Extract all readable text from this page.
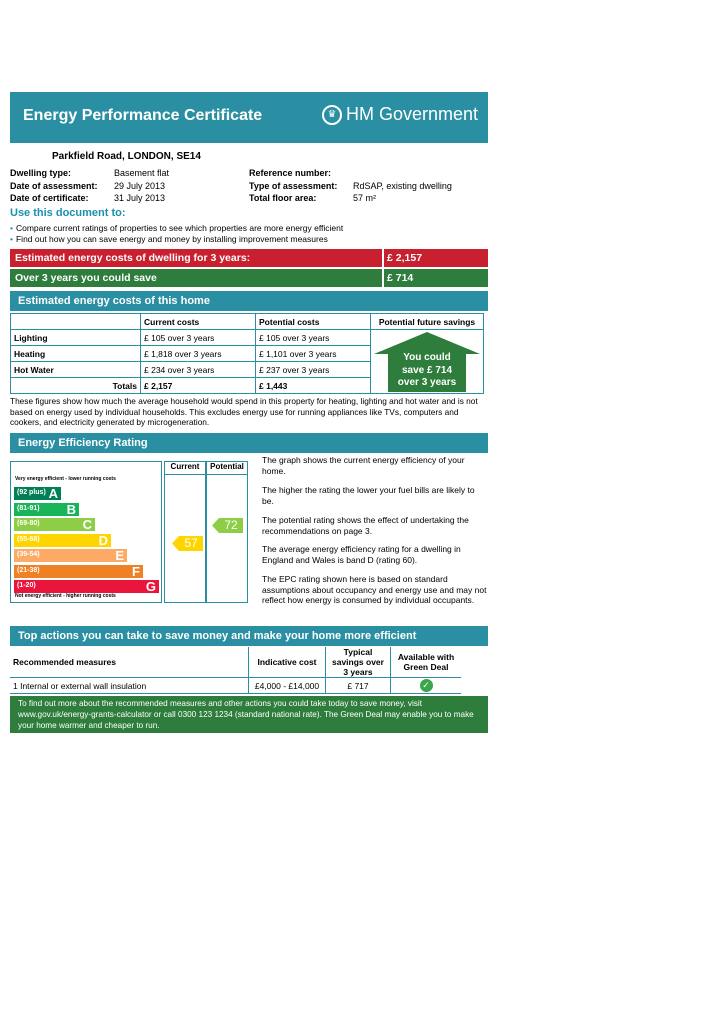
Energy Performance Certificate	♛ HM Government
Parkfield Road, LONDON, SE14
Dwelling type:	Basement flat
Date of assessment: 29 July 2013
Date of certificate:	31 July 2013
Reference number:
Type of assessment: RdSAP, existing dwelling
Total floor area:	57 m²
Use this document to:
• Compare current ratings of properties to see which properties are more energy efficient
• Find out how you can save energy and money by installing improvement measures
Estimated energy costs of dwelling for 3 years:	£ 2,157
Over 3 years you could save	£ 714
Estimated energy costs of this home
	Current costs	Potential costs	Potential future savings
Lighting	£ 105 over 3 years	£ 105 over 3 years	
Heating	£ 1,818 over 3 years	£ 1,101 over 3 years	
Hot Water	£ 234 over 3 years	£ 237 over 3 years	
Totals	£ 2,157	£ 1,443	
You could
save £ 714
over 3 years
These figures show how much the average household would spend in this property for heating, lighting and hot water and is not based on energy used by individual households. This excludes energy use for running appliances like TVs, computers and cookers, and electricity generated by microgeneration.
Energy Efficiency Rating
Very energy efficient - lower running costs
(92 plus) A
(81-91) B
(69-80)	C
(55-68)	D
(39-54)	E
(21-38)	F
(1-20)	G
Not energy efficient - higher running costs
Current	Potential
57
72
The graph shows the current energy efficiency of your home.
The higher the rating the lower your fuel bills are likely to be.
The potential rating shows the effect of undertaking the recommendations on page 3.
The average energy efficiency rating for a dwelling in England and Wales is band D (rating 60).
The EPC rating shown here is based on standard assumptions about occupancy and energy use and may not reflect how energy is consumed by individual occupants.
Top actions you can take to save money and make your home more efficient
Recommended measures	Indicative cost	Typical savings over 3 years	Available with Green Deal
1 Internal or external wall insulation	£4,000 - £14,000	£ 717	✓
To find out more about the recommended measures and other actions you could take today to save money, visit www.gov.uk/energy-grants-calculator or call 0300 123 1234 (standard national rate). The Green Deal may enable you to make your home warmer and cheaper to run.
